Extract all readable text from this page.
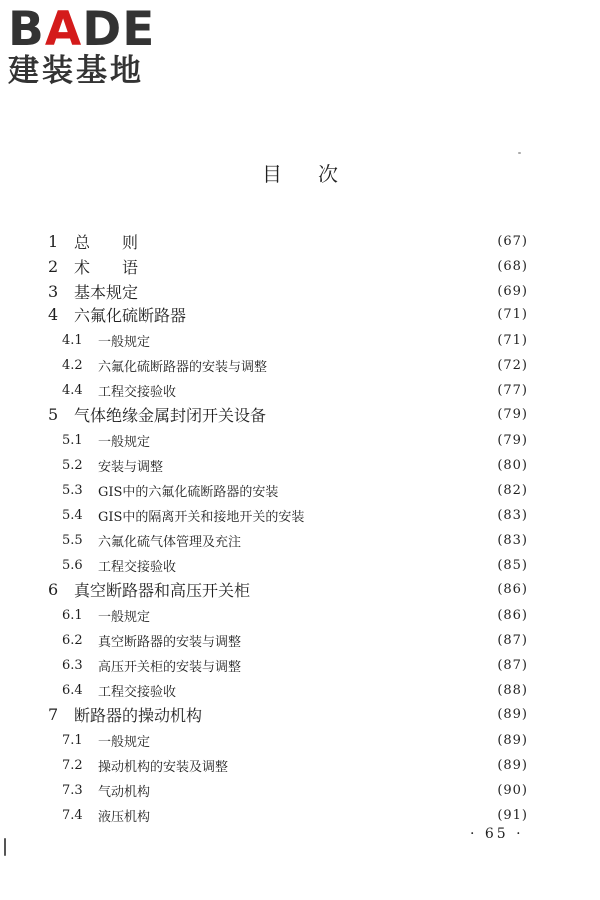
BADE
建装基地
目次
1 总　　则	(67)
2 术　　语	(68)
3 基本规定	(69)
4 六氟化硫断路器	(71)
4.1	一般规定	(71)
4.2	六氟化硫断路器的安装与调整	(72)
4.4	工程交接验收	(77)
5 气体绝缘金属封闭开关设备	(79)
5.1	一般规定	(79)
5.2	安装与调整	(80)
5.3	GIS中的六氟化硫断路器的安装	(82)
5.4	GIS中的隔离开关和接地开关的安装	(83)
5.5	六氟化硫气体管理及充注	(83)
5.6	工程交接验收	(85)
6 真空断路器和高压开关柜	(86)
6.1	一般规定	(86)
6.2	真空断路器的安装与调整	(87)
6.3	高压开关柜的安装与调整	(87)
6.4	工程交接验收	(88)
7 断路器的操动机构	(89)
7.1	一般规定	(89)
7.2	操动机构的安装及调整	(89)
7.3	气动机构	(90)
7.4	液压机构	(91)
· 65 ·
